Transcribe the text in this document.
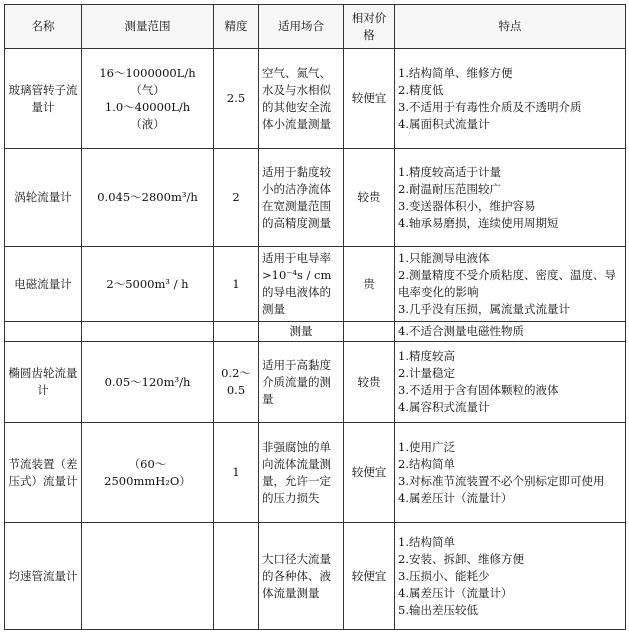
名称	测量范围	精度	适用场合	相对价格	特点
玻璃管转子流量计	16～1000000L/h
（气）
1.0～40000L/h
（液）	2.5	空气、氮气、水及与水相似的其他安全流体小流量测量	较便宜	1.结构简单、维修方便
2.精度低
3.不适用于有毒性介质及不透明介质
4.属面积式流量计

涡轮流量计	0.045～2800m³/h	2	适用于黏度较小的洁净流体在宽测量范围的高精度测量	较贵	1.精度较高适于计量
2.耐温耐压范围较广
3.变送器体积小，维护容易
4.轴承易磨损，连续使用周期短

电磁流量计	2～5000m³ / h	1	适用于电导率>10⁻⁴s / cm的导电液体的测量	贵	1.只能测导电液体
2.测量精度不受介质粘度、密度、温度、导电率变化的影响
3.几乎没有压损，属流量式流量计

			测量		4.不适合测量电磁性物质
椭圆齿轮流量计	0.05～120m³/h	0.2～0.5	适用于高黏度介质流量的测量	较贵	1.精度较高
2.计量稳定
3.不适用于含有固体颗粒的液体
4.属容积式流量计

节流装置（差压式）流量计	（60～
2500mmH₂O）	1	非强腐蚀的单向流体流量测量，允许一定的压力损失	较便宜	1.使用广泛
2.结构简单
3.对标准节流装置不必个别标定即可使用
4.属差压计（流量计）

均速管流量计			大口径大流量的各种体、液体流量测量	较便宜	1.结构简单
2.安装、拆卸、维修方便
3.压损小、能耗少
4.属差压计（流量计）
5.输出差压较低
